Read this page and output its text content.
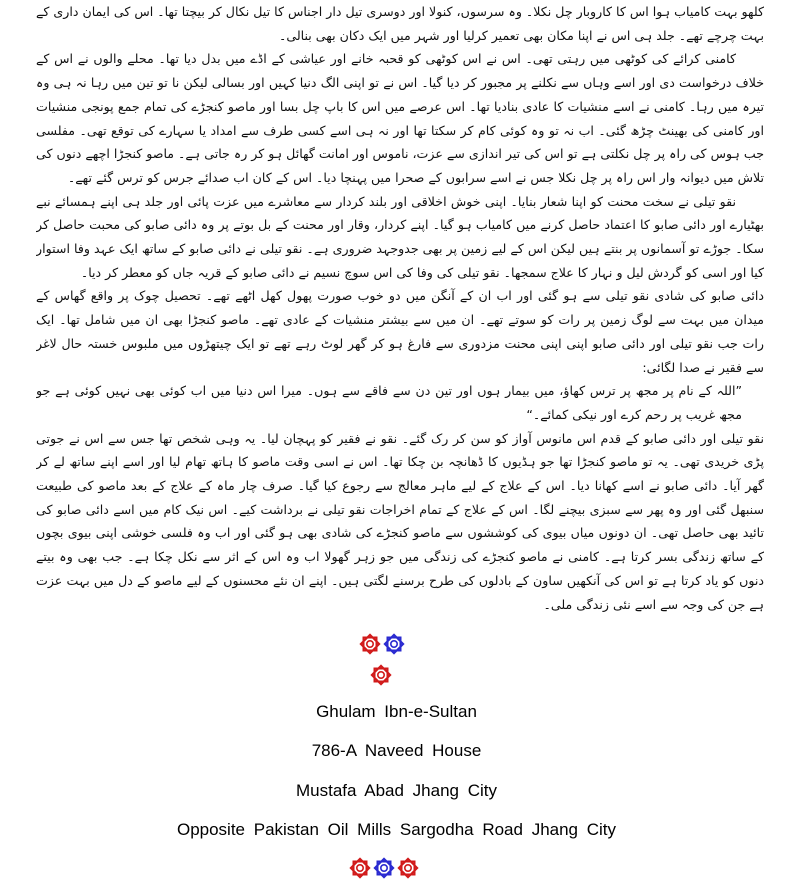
کلھو بہت کامیاب ہوا اس کا کاروبار چل نکلا۔ وہ سرسوں، کنولا اور دوسری تیل دار اجناس کا تیل نکال کر بیچتا تھا۔ اس کی ایمان داری کے بہت چرچے تھے۔ جلد ہی اس نے اپنا مکان بھی تعمیر کرلیا اور شہر میں ایک دکان بھی بنالی۔

کامنی کرائے کی کوٹھی میں رہتی تھی۔ اس نے اس کوٹھی کو قحبہ خانے اور عیاشی کے اڈے میں بدل دیا تھا۔ محلے والوں نے اس کے خلاف درخواست دی اور اسے وہاں سے نکلنے پر مجبور کر دیا گیا۔ اس نے تو اپنی الگ دنیا کہیں اور بسالی لیکن نا تو تین میں رہا نہ ہی وہ تیرہ میں رہا۔ کامنی نے اسے منشیات کا عادی بنادیا تھا۔ اس عرصے میں اس کا باپ چل بسا اور ماصو کنجڑے کی تمام جمع پونجی منشیات اور کامنی کی بھینٹ چڑھ گئی۔ اب نہ تو وہ کوئی کام کر سکتا تھا اور نہ ہی اسے کسی طرف سے امداد یا سہارے کی توقع تھی۔ مفلسی جب ہوس کی راہ پر چل نکلتی ہے تو اس کی تیر اندازی سے عزت، ناموس اور امانت گھائل ہو کر رہ جاتی ہے۔ ماصو کنجڑا اچھے دنوں کی تلاش میں دیوانہ وار اس راہ پر چل نکلا جس نے اسے سرابوں کے صحرا میں پہنچا دیا۔ اس کے کان اب صدائے جرس کو ترس گئے تھے۔

نقو تیلی نے سخت محنت کو اپنا شعار بنایا۔ اپنی خوش اخلاقی اور بلند کردار سے معاشرے میں عزت پائی اور جلد ہی اپنے ہمسائے نبے بھٹیارے اور دائی صابو کا اعتماد حاصل کرنے میں کامیاب ہو گیا۔ اپنے کردار، وقار اور محنت کے بل بوتے پر وہ دائی صابو کی محبت حاصل کر سکا۔ جوڑے تو آسمانوں پر بنتے ہیں لیکن اس کے لیے زمین پر بھی جدوجہد ضروری ہے۔ نقو تیلی نے دائی صابو کے ساتھ ایک عہد وفا استوار کیا اور اسی کو گردش لیل و نہار کا علاج سمجھا۔ نقو تیلی کی وفا کی اس سوچ نسیم نے دائی صابو کے قریہ جاں کو معطر کر دیا۔

دائی صابو کی شادی نقو تیلی سے ہو گئی اور اب ان کے آنگن میں دو خوب صورت پھول کھل اٹھے تھے۔ تحصیل چوک پر واقع گھاس کے میدان میں بہت سے لوگ زمین پر رات کو سوتے تھے۔ ان میں سے بیشتر منشیات کے عادی تھے۔ ماصو کنجڑا بھی ان میں شامل تھا۔ ایک رات جب نقو تیلی اور دائی صابو اپنی اپنی محنت مزدوری سے فارغ ہو کر گھر لوٹ رہے تھے تو ایک چیتھڑوں میں ملبوس خستہ حال لاغر سے فقیر نے صدا لگائی:

”اللہ کے نام پر مجھ پر ترس کھاؤ، میں بیمار ہوں اور تین دن سے فاقے سے ہوں۔ میرا اس دنیا میں اب کوئی بھی نہیں کوئی ہے جو مجھ غریب پر رحم کرے اور نیکی کمائے۔“

نقو تیلی اور دائی صابو کے قدم اس مانوس آواز کو سن کر رک گئے۔ نقو نے فقیر کو پہچان لیا۔ یہ وہی شخص تھا جس سے اس نے جوتی پڑی خریدی تھی۔ یہ تو ماصو کنجڑا تھا جو ہڈیوں کا ڈھانچہ بن چکا تھا۔ اس نے اسی وقت ماصو کا ہاتھ تھام لیا اور اسے اپنے ساتھ لے کر گھر آیا۔ دائی صابو نے اسے کھانا دیا۔ اس کے علاج کے لیے ماہر معالج سے رجوع کیا گیا۔ صرف چار ماہ کے علاج کے بعد ماصو کی طبیعت سنبھل گئی اور وہ پھر سے سبزی بیچنے لگا۔ اس کے علاج کے تمام اخراجات نقو تیلی نے برداشت کیے۔ اس نیک کام میں اسے دائی صابو کی تائید بھی حاصل تھی۔ ان دونوں میاں بیوی کی کوششوں سے ماصو کنجڑے کی شادی بھی ہو گئی اور اب وہ فلسی خوشی اپنی بیوی بچوں کے ساتھ زندگی بسر کرتا ہے۔ کامنی نے ماصو کنجڑے کی زندگی میں جو زہر گھولا اب وہ اس کے اثر سے نکل چکا ہے۔ جب بھی وہ بیتے دنوں کو یاد کرتا ہے تو اس کی آنکھیں ساون کے بادلوں کی طرح برسنے لگتی ہیں۔ اپنے ان نئے محسنوں کے لیے ماصو کے دل میں بہت عزت ہے جن کی وجہ سے اسے نئی زندگی ملی۔

Ghulam Ibn-e-Sultan
786-A Naveed House
Mustafa Abad Jhang City
Opposite Pakistan Oil Mills Sargodha Road Jhang City
